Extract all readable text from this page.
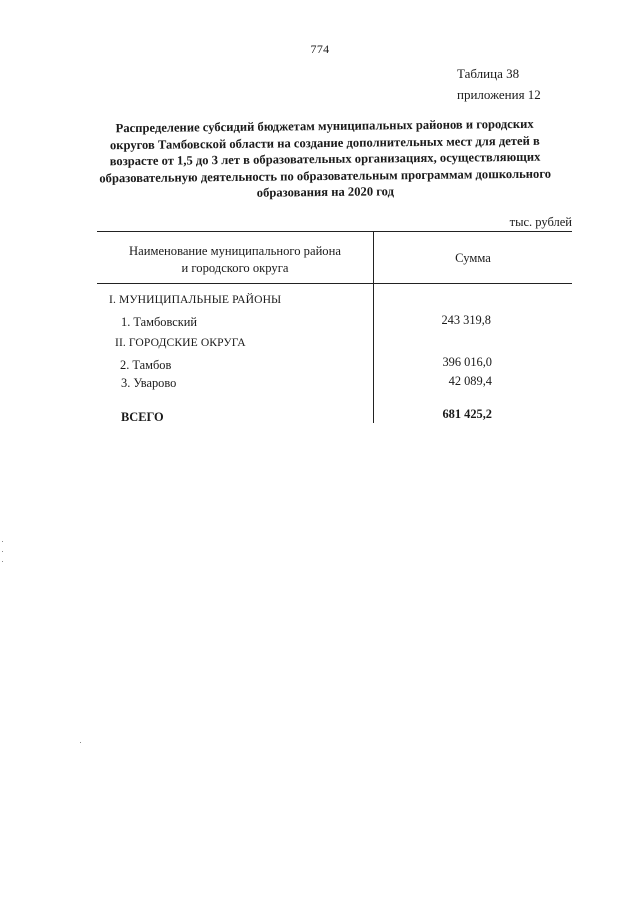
774
Таблица 38
приложения 12
Распределение субсидий бюджетам муниципальных районов и городских
округов Тамбовской области на создание дополнительных мест для детей в
возрасте от 1,5 до 3 лет в образовательных организациях, осуществляющих
образовательную деятельность по образовательным программам дошкольного
образования на 2020 год
тыс. рублей
Наименование муниципального района
и городского округа
Сумма
I. МУНИЦИПАЛЬНЫЕ РАЙОНЫ
1. Тамбовский	243 319,8
II. ГОРОДСКИЕ ОКРУГА
2. Тамбов	396 016,0
3. Уварово	42 089,4
ВСЕГО	681 425,2
